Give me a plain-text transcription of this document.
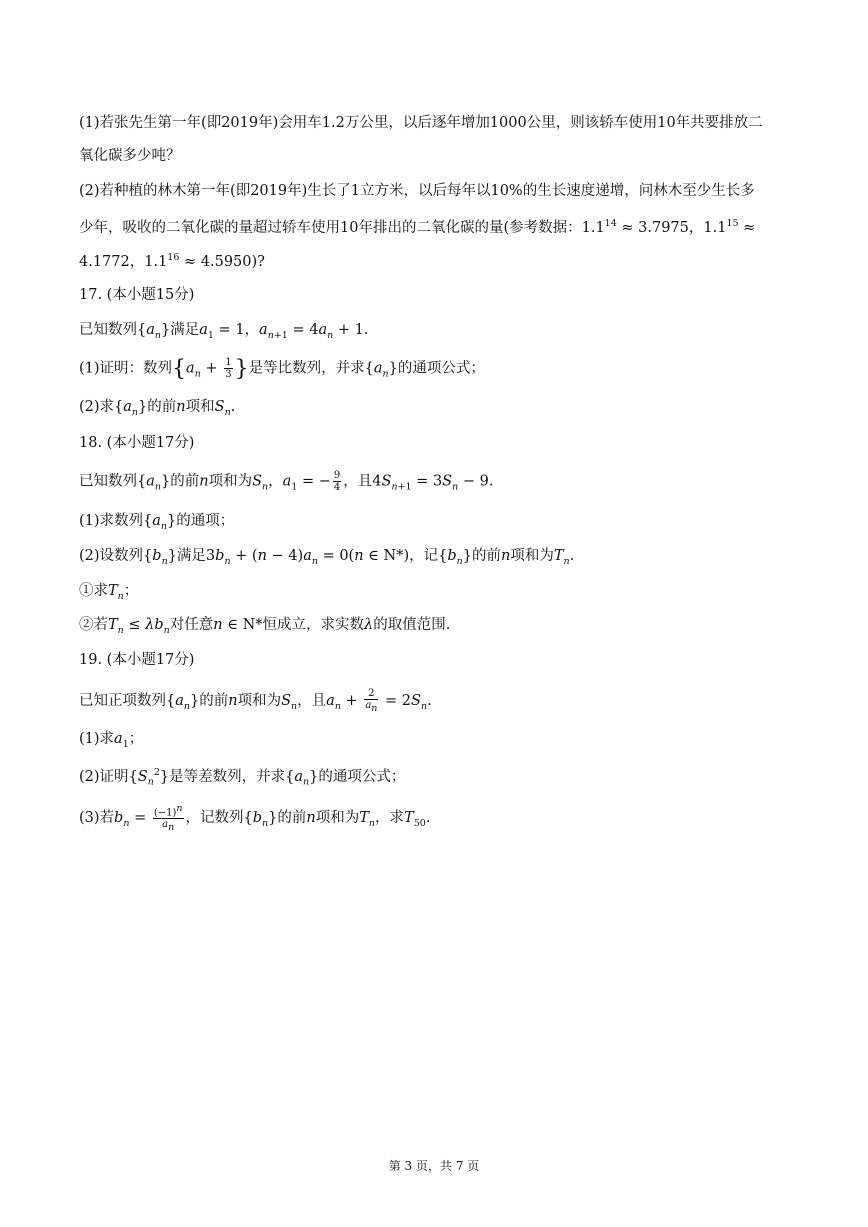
(1)若张先生第一年(即2019年)会用车1.2万公里，以后逐年增加1000公里，则该轿车使用10年共要排放二
氧化碳多少吨？
(2)若种植的林木第一年(即2019年)生长了1立方米，以后每年以10%的生长速度递增，问林木至少生长多
少年，吸收的二氧化碳的量超过轿车使用10年排出的二氧化碳的量(参考数据：$1.1^{14} \approx 3.7975$，$1.1^{15}$ ≈
4.1772，$1.1^{16} \approx 4.5950$)?
17. (本小题15分)
已知数列$\{a_n\}$满足$a_1 = 1$，$a_{n+1} = 4a_n + 1$.
(1)证明：数列{$a_n + \frac{1}{3}$ }是等比数列，并求$\{a_n\}$的通项公式；
(2)求$\{a_n\}$的前n项和$S_n$.
18. (本小题17分)
已知数列$\{a_n\}$的前n项和为$S_n$，$a_1$ = − $\frac{9}{4}$ ，且$4S_{n+1} = 3S_n - 9$.
(1)求数列$\{a_n\}$的通项；
(2)设数列$\{b_n\}$满足$3b_n + (n - 4)a_n = 0(n$ ∈ N*)，记$\{b_n\}$的前n项和为$T_n$.
①求$T_n$；
②若$T_n \le \lambda b_n$对任意n ∈ N*恒成立，求实数λ的取值范围.
19. (本小题17分)
已知正项数列$\{a_n\}$的前n项和为$S_n$，且$a_n + \frac{2}{a_n} = 2S_n$.
(1)求$a_1$；
(2)证明$\{S_n^2\}$是等差数列，并求$\{a_n\}$的通项公式；
(3)若$b_n = \frac{(-1)^n}{a_n}$ ，记数列$\{b_n\}$的前n项和为$T_n$，求$T_{50}$.
第 3 页，共 7 页
